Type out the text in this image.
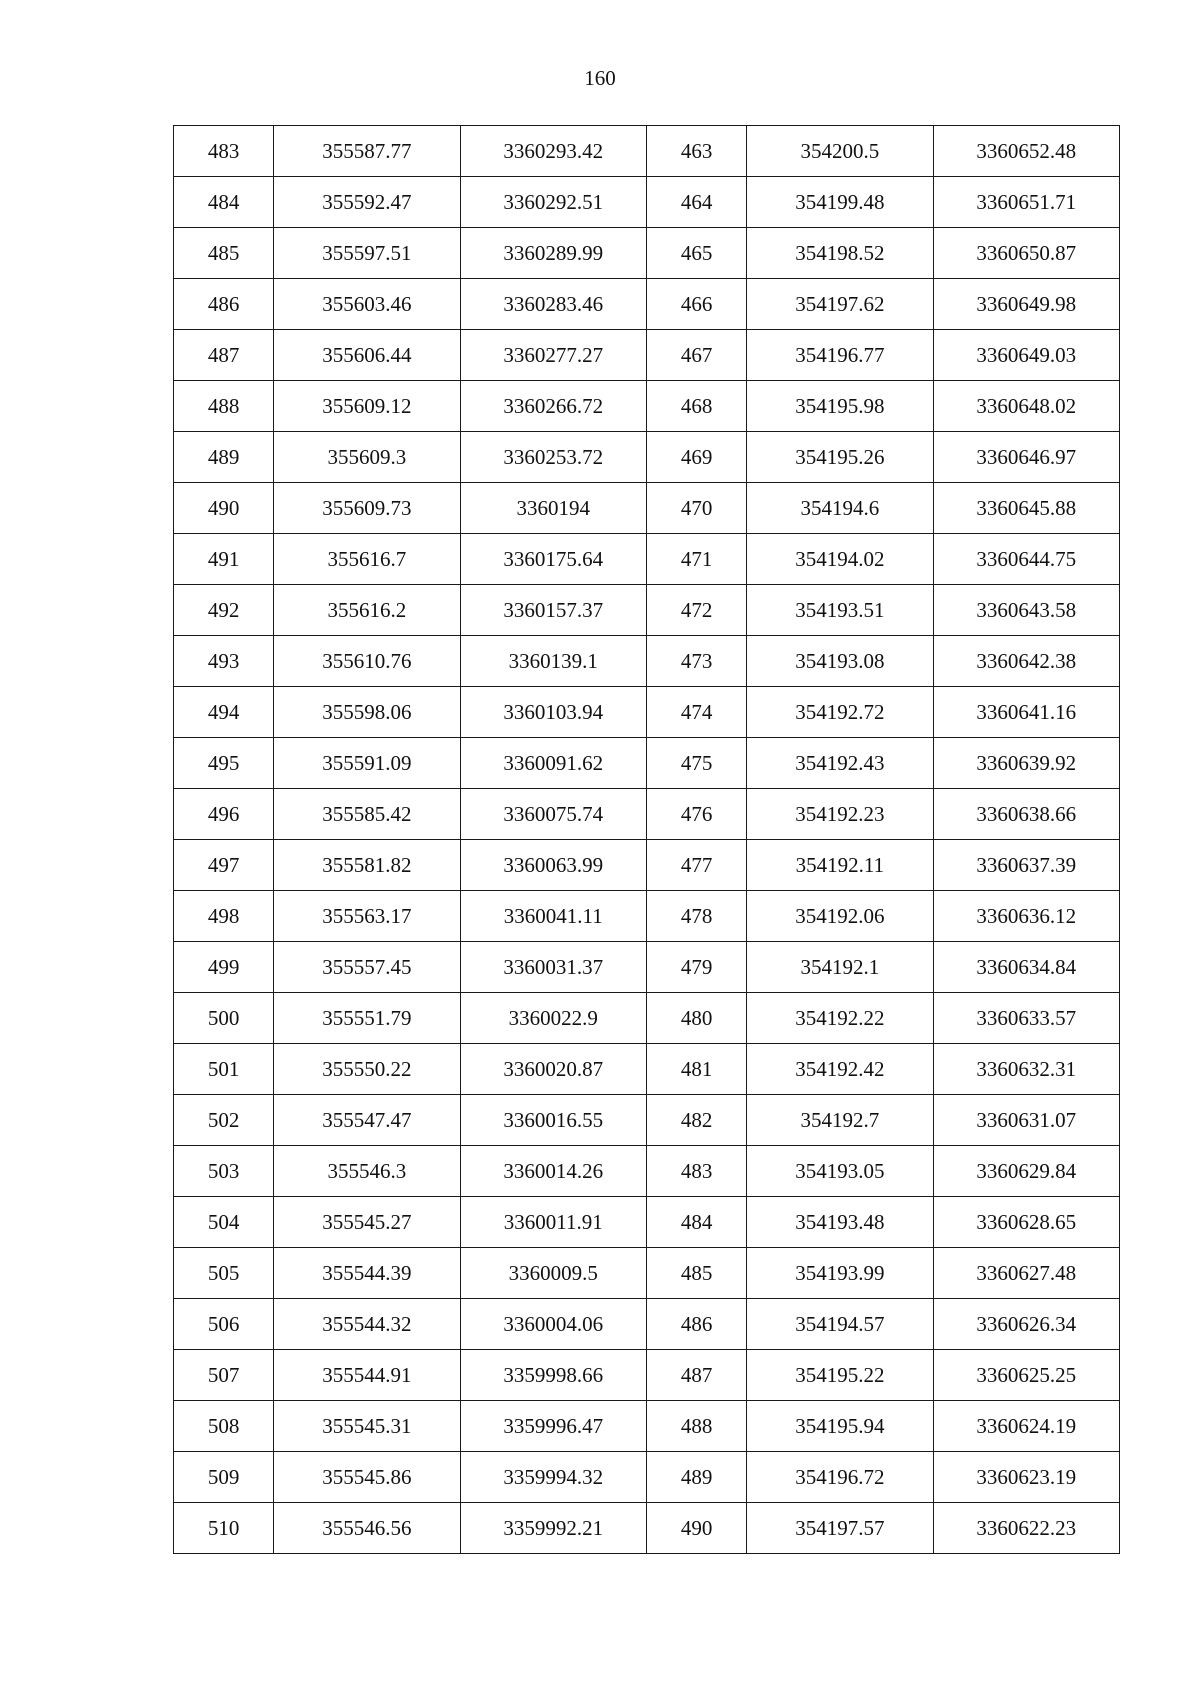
160
483	355587.77	3360293.42	463	354200.5	3360652.48
484	355592.47	3360292.51	464	354199.48	3360651.71
485	355597.51	3360289.99	465	354198.52	3360650.87
486	355603.46	3360283.46	466	354197.62	3360649.98
487	355606.44	3360277.27	467	354196.77	3360649.03
488	355609.12	3360266.72	468	354195.98	3360648.02
489	355609.3	3360253.72	469	354195.26	3360646.97
490	355609.73	3360194	470	354194.6	3360645.88
491	355616.7	3360175.64	471	354194.02	3360644.75
492	355616.2	3360157.37	472	354193.51	3360643.58
493	355610.76	3360139.1	473	354193.08	3360642.38
494	355598.06	3360103.94	474	354192.72	3360641.16
495	355591.09	3360091.62	475	354192.43	3360639.92
496	355585.42	3360075.74	476	354192.23	3360638.66
497	355581.82	3360063.99	477	354192.11	3360637.39
498	355563.17	3360041.11	478	354192.06	3360636.12
499	355557.45	3360031.37	479	354192.1	3360634.84
500	355551.79	3360022.9	480	354192.22	3360633.57
501	355550.22	3360020.87	481	354192.42	3360632.31
502	355547.47	3360016.55	482	354192.7	3360631.07
503	355546.3	3360014.26	483	354193.05	3360629.84
504	355545.27	3360011.91	484	354193.48	3360628.65
505	355544.39	3360009.5	485	354193.99	3360627.48
506	355544.32	3360004.06	486	354194.57	3360626.34
507	355544.91	3359998.66	487	354195.22	3360625.25
508	355545.31	3359996.47	488	354195.94	3360624.19
509	355545.86	3359994.32	489	354196.72	3360623.19
510	355546.56	3359992.21	490	354197.57	3360622.23
